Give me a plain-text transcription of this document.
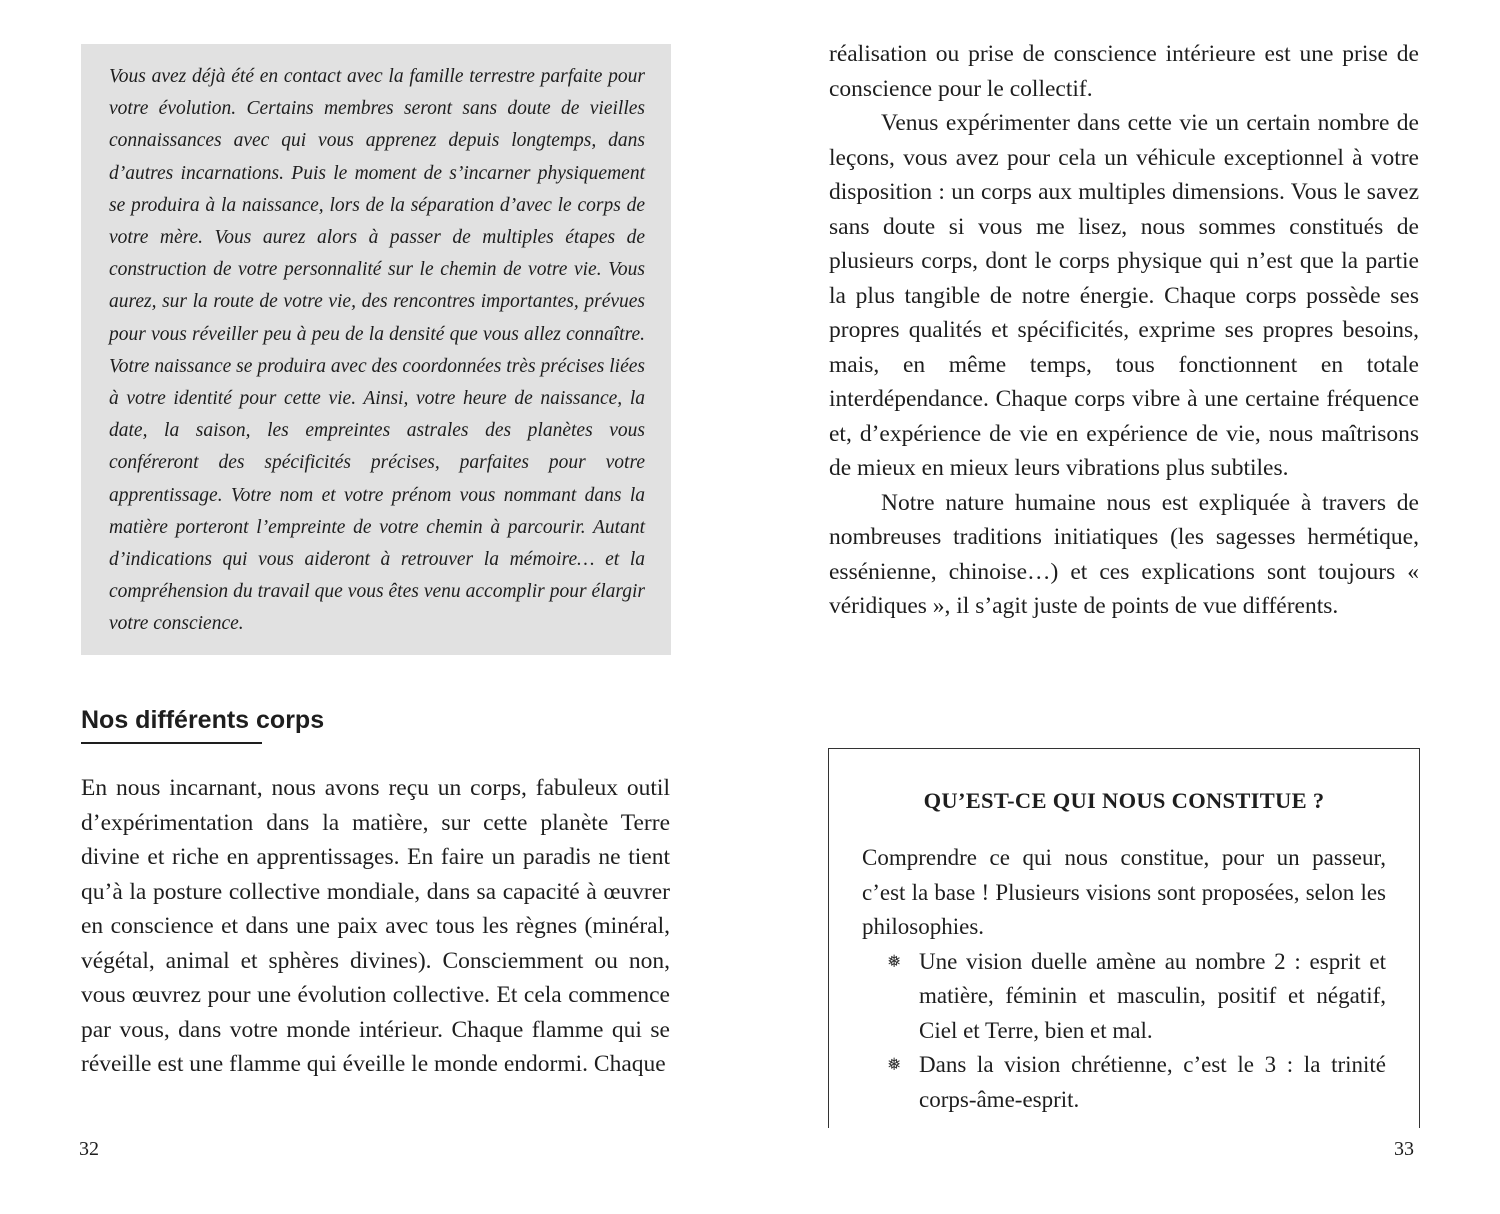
Vous avez déjà été en contact avec la famille terrestre parfaite pour votre évolution. Certains membres seront sans doute de vieilles connaissances avec qui vous apprenez depuis longtemps, dans d’autres incarnations. Puis le moment de s’incarner physiquement se produira à la naissance, lors de la séparation d’avec le corps de votre mère. Vous aurez alors à passer de multiples étapes de construction de votre personnalité sur le chemin de votre vie. Vous aurez, sur la route de votre vie, des rencontres importantes, prévues pour vous réveiller peu à peu de la densité que vous allez connaître. Votre naissance se produira avec des coordonnées très précises liées à votre identité pour cette vie. Ainsi, votre heure de naissance, la date, la saison, les empreintes astrales des planètes vous conféreront des spécificités précises, parfaites pour votre apprentissage. Votre nom et votre prénom vous nommant dans la matière porteront l’empreinte de votre chemin à parcourir. Autant d’indications qui vous aideront à retrouver la mémoire… et la compréhension du travail que vous êtes venu accomplir pour élargir votre conscience.

Nos différents corps

En nous incarnant, nous avons reçu un corps, fabuleux outil d’expérimentation dans la matière, sur cette planète Terre divine et riche en apprentissages. En faire un paradis ne tient qu’à la posture collective mondiale, dans sa capacité à œuvrer en conscience et dans une paix avec tous les règnes (minéral, végétal, animal et sphères divines). Consciemment ou non, vous œuvrez pour une évolution collective. Et cela commence par vous, dans votre monde intérieur. Chaque flamme qui se réveille est une flamme qui éveille le monde endormi. Chaque

32

réalisation ou prise de conscience intérieure est une prise de conscience pour le collectif.

Venus expérimenter dans cette vie un certain nombre de leçons, vous avez pour cela un véhicule exceptionnel à votre disposition : un corps aux multiples dimensions. Vous le savez sans doute si vous me lisez, nous sommes constitués de plusieurs corps, dont le corps physique qui n’est que la partie la plus tangible de notre énergie. Chaque corps possède ses propres qualités et spécificités, exprime ses propres besoins, mais, en même temps, tous fonctionnent en totale interdépendance. Chaque corps vibre à une certaine fréquence et, d’expérience de vie en expérience de vie, nous maîtrisons de mieux en mieux leurs vibrations plus subtiles.

Notre nature humaine nous est expliquée à travers de nombreuses traditions initiatiques (les sagesses hermétique, essénienne, chinoise…) et ces explications sont toujours « véridiques », il s’agit juste de points de vue différents.

QU’EST-CE QUI NOUS CONSTITUE ?

Comprendre ce qui nous constitue, pour un passeur, c’est la base ! Plusieurs visions sont proposées, selon les philosophies.

❅ Une vision duelle amène au nombre 2 : esprit et matière, féminin et masculin, positif et négatif, Ciel et Terre, bien et mal.

❅ Dans la vision chrétienne, c’est le 3 : la trinité corps-âme-esprit.

33
